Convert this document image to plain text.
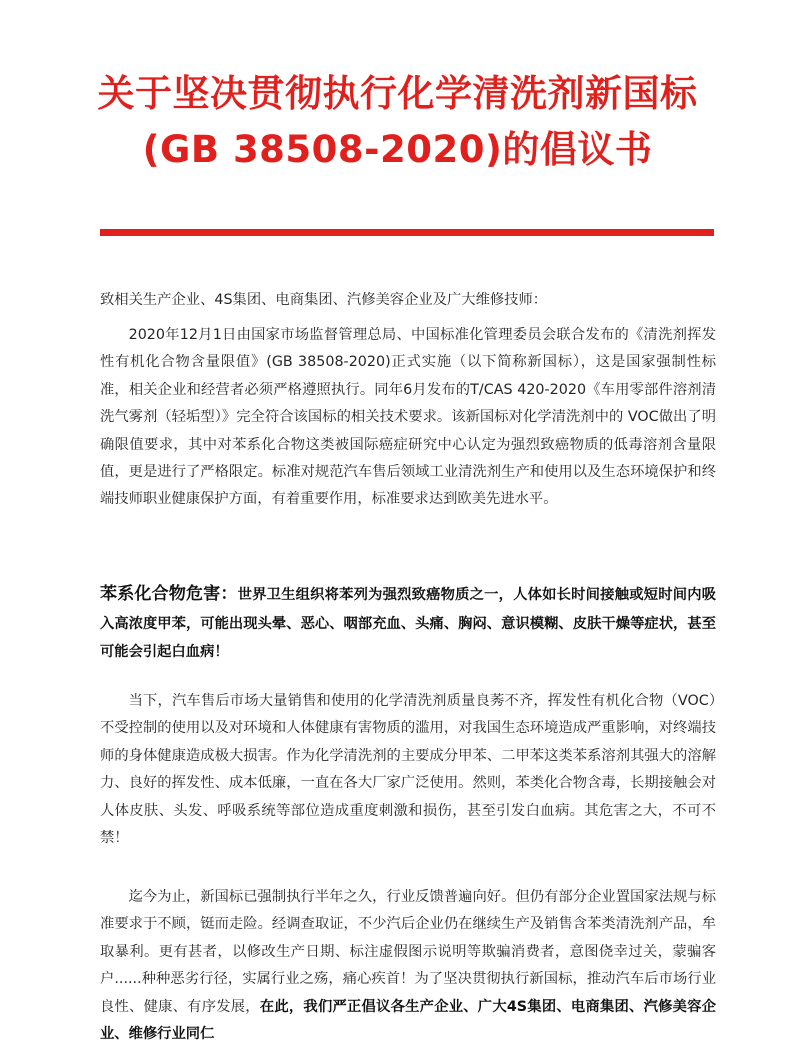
关于坚决贯彻执行化学清洗剂新国标
(GB 38508-2020)的倡议书
致相关生产企业、4S集团、电商集团、汽修美容企业及广大维修技师：

2020年12月1日由国家市场监督管理总局、中国标准化管理委员会联合发布的《清洗剂挥发性有机化合物含量限值》(GB 38508-2020)正式实施（以下简称新国标），这是国家强制性标准，相关企业和经营者必须严格遵照执行。同年6月发布的T/CAS 420-2020《车用零部件溶剂清洗气雾剂（轻垢型）》完全符合该国标的相关技术要求。该新国标对化学清洗剂中的 VOC做出了明确限值要求，其中对苯系化合物这类被国际癌症研究中心认定为强烈致癌物质的低毒溶剂含量限值，更是进行了严格限定。标准对规范汽车售后领域工业清洗剂生产和使用以及生态环境保护和终端技师职业健康保护方面，有着重要作用，标准要求达到欧美先进水平。

苯系化合物危害：世界卫生组织将苯列为强烈致癌物质之一，人体如长时间接触或短时间内吸入高浓度甲苯，可能出现头晕、恶心、咽部充血、头痛、胸闷、意识模糊、皮肤干燥等症状，甚至可能会引起白血病！

当下，汽车售后市场大量销售和使用的化学清洗剂质量良莠不齐，挥发性有机化合物（VOC）不受控制的使用以及对环境和人体健康有害物质的滥用，对我国生态环境造成严重影响，对终端技师的身体健康造成极大损害。作为化学清洗剂的主要成分甲苯、二甲苯这类苯系溶剂其强大的溶解力、良好的挥发性、成本低廉，一直在各大厂家广泛使用。然则，苯类化合物含毒，长期接触会对人体皮肤、头发、呼吸系统等部位造成重度刺激和损伤，甚至引发白血病。其危害之大，不可不禁！

迄今为止，新国标已强制执行半年之久，行业反馈普遍向好。但仍有部分企业置国家法规与标准要求于不顾，铤而走险。经调查取证，不少汽后企业仍在继续生产及销售含苯类清洗剂产品，牟取暴利。更有甚者，以修改生产日期、标注虚假图示说明等欺骗消费者，意图侥幸过关，蒙骗客户......种种恶劣行径，实属行业之殇，痛心疾首！为了坚决贯彻执行新国标，推动汽车后市场行业良性、健康、有序发展，在此，我们严正倡议各生产企业、广大4S集团、电商集团、汽修美容企业、维修行业同仁
